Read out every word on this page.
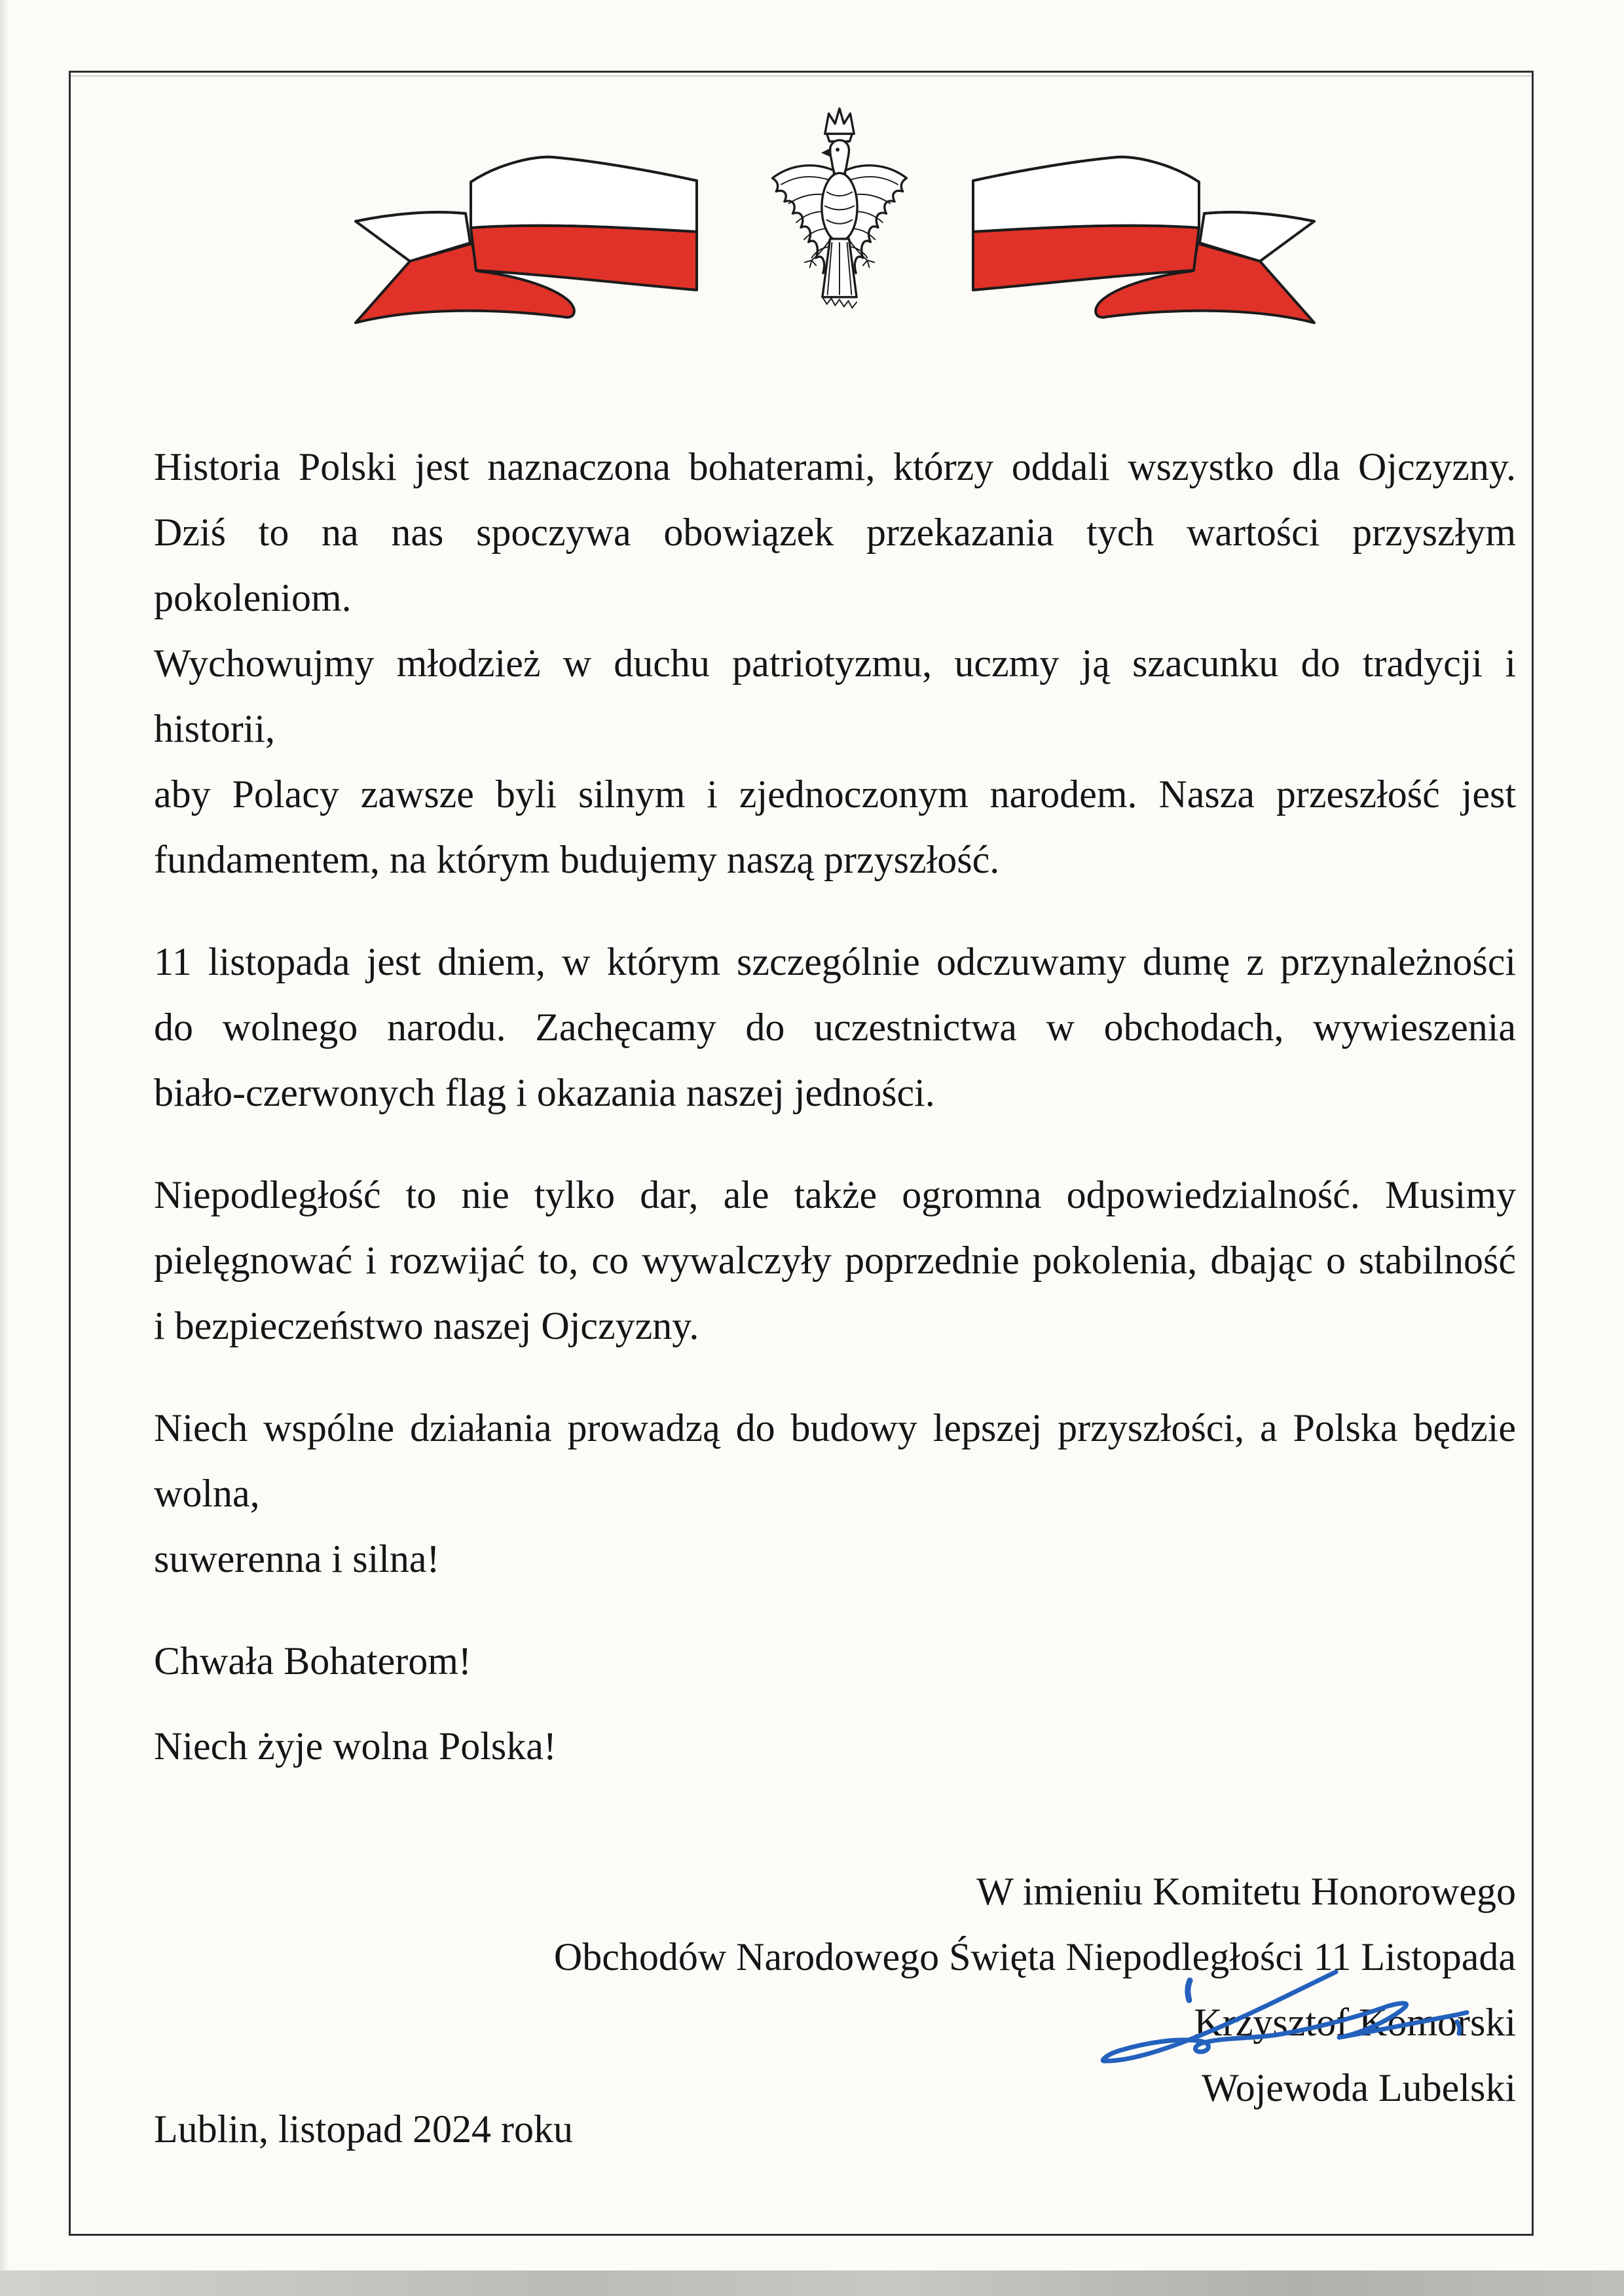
Historia Polski jest naznaczona bohaterami, którzy oddali wszystko dla Ojczyzny.
Dziś to na nas spoczywa obowiązek przekazania tych wartości przyszłym pokoleniom.
Wychowujmy młodzież w duchu patriotyzmu, uczmy ją szacunku do tradycji i historii,
aby Polacy zawsze byli silnym i zjednoczonym narodem. Nasza przeszłość jest
fundamentem, na którym budujemy naszą przyszłość.
11 listopada jest dniem, w którym szczególnie odczuwamy dumę z przynależności
do wolnego narodu. Zachęcamy do uczestnictwa w obchodach, wywieszenia
biało-czerwonych flag i okazania naszej jedności.
Niepodległość to nie tylko dar, ale także ogromna odpowiedzialność. Musimy
pielęgnować i rozwijać to, co wywalczyły poprzednie pokolenia, dbając o stabilność
i bezpieczeństwo naszej Ojczyzny.
Niech wspólne działania prowadzą do budowy lepszej przyszłości, a Polska będzie wolna,
suwerenna i silna!
Chwała Bohaterom!
Niech żyje wolna Polska!
W imieniu Komitetu Honorowego
Obchodów Narodowego Święta Niepodległości 11 Listopada
Krzysztof Komorski
Wojewoda Lubelski
Lublin, listopad 2024 roku
